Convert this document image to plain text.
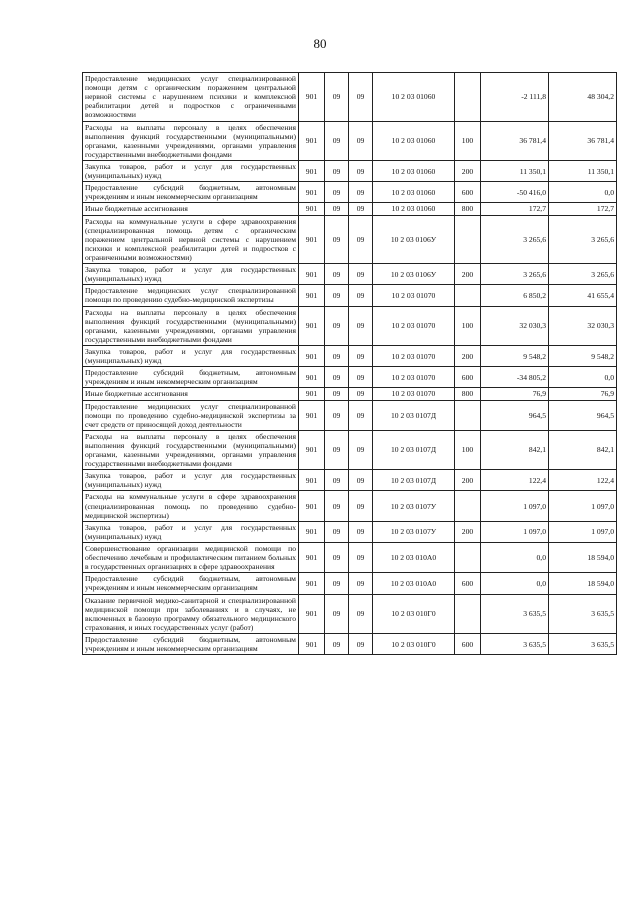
80
Предоставление медицинских услуг специализированной помощи детям с органическим поражением центральной нервной системы с нарушением психики и комплексной реабилитации детей и подростков с ограниченными возможностями	901	09	09	10 2 03 01060		-2 111,8	48 304,2
Расходы на выплаты персоналу в целях обеспечения выполнения функций государственными (муниципальными) органами, казенными учреждениями, органами управления государственными внебюджетными фондами	901	09	09	10 2 03 01060	100	36 781,4	36 781,4
Закупка товаров, работ и услуг для государственных (муниципальных) нужд	901	09	09	10 2 03 01060	200	11 350,1	11 350,1
Предоставление субсидий бюджетным, автономным учреждениям и иным некоммерческим организациям	901	09	09	10 2 03 01060	600	-50 416,0	0,0
Иные бюджетные ассигнования	901	09	09	10 2 03 01060	800	172,7	172,7
Расходы на коммунальные услуги в сфере здравоохранения (специализированная помощь детям с органическим поражением центральной нервной системы с нарушением психики и комплексной реабилитации детей и подростков с ограниченными возможностями)	901	09	09	10 2 03 0106У		3 265,6	3 265,6
Закупка товаров, работ и услуг для государственных (муниципальных) нужд	901	09	09	10 2 03 0106У	200	3 265,6	3 265,6
Предоставление медицинских услуг специализированной помощи по проведению судебно-медицинской экспертизы	901	09	09	10 2 03 01070		6 850,2	41 655,4
Расходы на выплаты персоналу в целях обеспечения выполнения функций государственными (муниципальными) органами, казенными учреждениями, органами управления государственными внебюджетными фондами	901	09	09	10 2 03 01070	100	32 030,3	32 030,3
Закупка товаров, работ и услуг для государственных (муниципальных) нужд	901	09	09	10 2 03 01070	200	9 548,2	9 548,2
Предоставление субсидий бюджетным, автономным учреждениям и иным некоммерческим организациям	901	09	09	10 2 03 01070	600	-34 805,2	0,0
Иные бюджетные ассигнования	901	09	09	10 2 03 01070	800	76,9	76,9
Предоставление медицинских услуг специализированной помощи по проведению судебно-медицинской экспертизы за счет средств от приносящей доход деятельности	901	09	09	10 2 03 0107Д		964,5	964,5
Расходы на выплаты персоналу в целях обеспечения выполнения функций государственными (муниципальными) органами, казенными учреждениями, органами управления государственными внебюджетными фондами	901	09	09	10 2 03 0107Д	100	842,1	842,1
Закупка товаров, работ и услуг для государственных (муниципальных) нужд	901	09	09	10 2 03 0107Д	200	122,4	122,4
Расходы на коммунальные услуги в сфере здравоохранения (специализированная помощь по проведению судебно-медицинской экспертизы)	901	09	09	10 2 03 0107У		1 097,0	1 097,0
Закупка товаров, работ и услуг для государственных (муниципальных) нужд	901	09	09	10 2 03 0107У	200	1 097,0	1 097,0
Совершенствование организации медицинской помощи по обеспечению лечебным и профилактическим питанием больных в государственных организациях в сфере здравоохранения	901	09	09	10 2 03 010А0		0,0	18 594,0
Предоставление субсидий бюджетным, автономным учреждениям и иным некоммерческим организациям	901	09	09	10 2 03 010А0	600	0,0	18 594,0
Оказание первичной медико-санитарной и специализированной медицинской помощи при заболеваниях и в случаях, не включенных в базовую программу обязательного медицинского страхования, и иных государственных услуг (работ)	901	09	09	10 2 03 010Г0		3 635,5	3 635,5
Предоставление субсидий бюджетным, автономным учреждениям и иным некоммерческим организациям	901	09	09	10 2 03 010Г0	600	3 635,5	3 635,5
